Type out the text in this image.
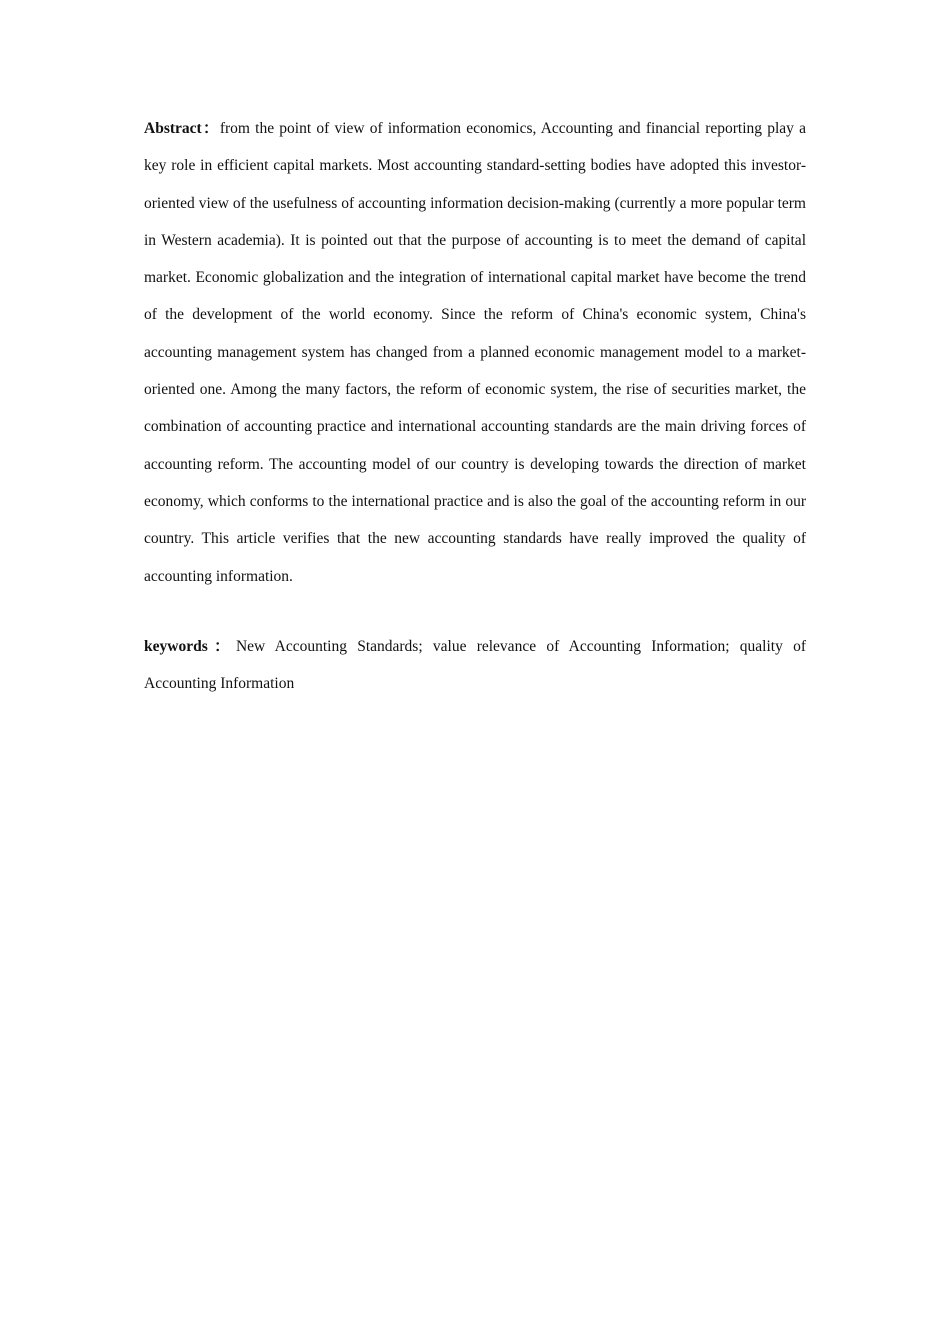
Abstract：from the point of view of information economics, Accounting and financial reporting play a key role in efficient capital markets. Most accounting standard-setting bodies have adopted this investor-oriented view of the usefulness of accounting information decision-making (currently a more popular term in Western academia). It is pointed out that the purpose of accounting is to meet the demand of capital market. Economic globalization and the integration of international capital market have become the trend of the development of the world economy. Since the reform of China's economic system, China's accounting management system has changed from a planned economic management model to a market-oriented one. Among the many factors, the reform of economic system, the rise of securities market, the combination of accounting practice and international accounting standards are the main driving forces of accounting reform. The accounting model of our country is developing towards the direction of market economy, which conforms to the international practice and is also the goal of the accounting reform in our country. This article verifies that the new accounting standards have really improved the quality of accounting information.

keywords：New Accounting Standards; value relevance of Accounting Information; quality of Accounting Information
